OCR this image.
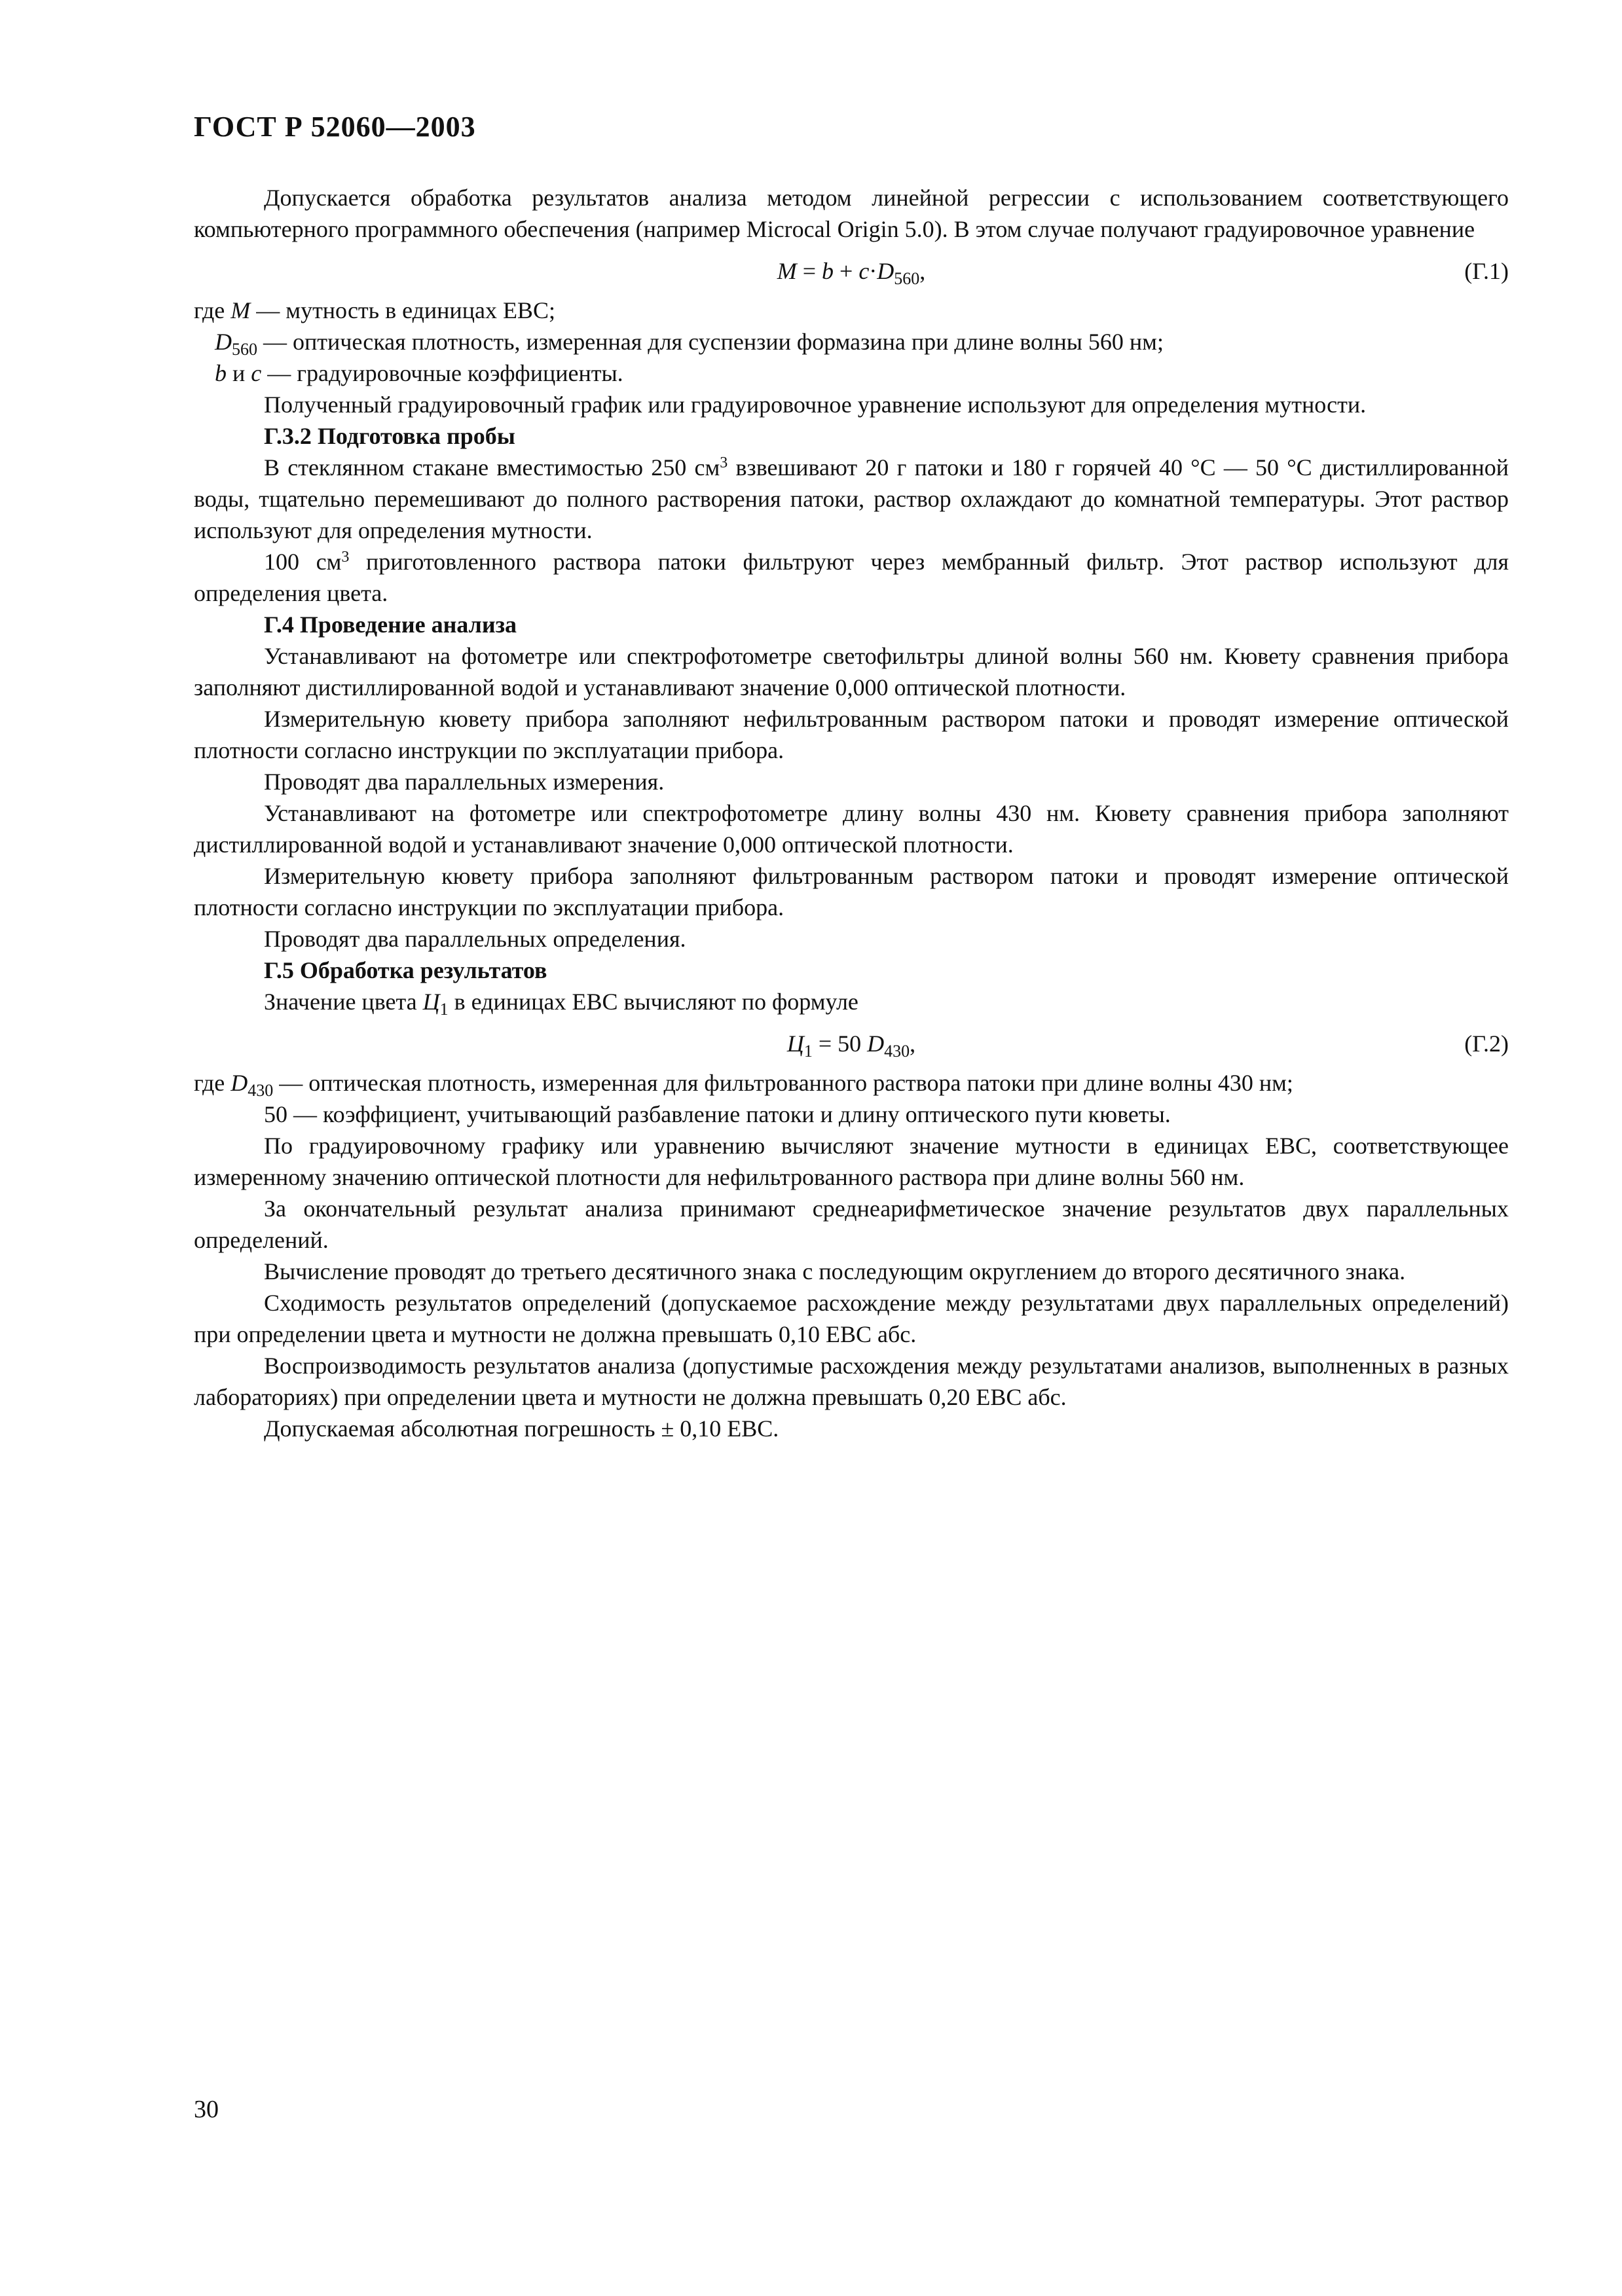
ГОСТ Р 52060—2003

Допускается обработка результатов анализа методом линейной регрессии с использованием соответствующего компьютерного программного обеспечения (например Microcal Origin 5.0). В этом случае получают градуировочное уравнение

$M = b + c\cdot D_{560}$,	(Г.1)

где M — мутность в единицах ЕВС;

$D_{560}$ — оптическая плотность, измеренная для суспензии формазина при длине волны 560 нм;

b и c — градуировочные коэффициенты.

Полученный градуировочный график или градуировочное уравнение используют для определения мутности.

Г.3.2 Подготовка пробы

В стеклянном стакане вместимостью 250 $см^3$ взвешивают 20 г патоки и 180 г горячей 40 °С — 50 °С дистиллированной воды, тщательно перемешивают до полного растворения патоки, раствор охлаждают до комнатной температуры. Этот раствор используют для определения мутности.

100 $см^3$ приготовленного раствора патоки фильтруют через мембранный фильтр. Этот раствор используют для определения цвета.

Г.4 Проведение анализа

Устанавливают на фотометре или спектрофотометре светофильтры длиной волны 560 нм. Кювету сравнения прибора заполняют дистиллированной водой и устанавливают значение 0,000 оптической плотности.

Измерительную кювету прибора заполняют нефильтрованным раствором патоки и проводят измерение оптической плотности согласно инструкции по эксплуатации прибора.

Проводят два параллельных измерения.

Устанавливают на фотометре или спектрофотометре длину волны 430 нм. Кювету сравнения прибора заполняют дистиллированной водой и устанавливают значение 0,000 оптической плотности.

Измерительную кювету прибора заполняют фильтрованным раствором патоки и проводят измерение оптической плотности согласно инструкции по эксплуатации прибора.

Проводят два параллельных определения.

Г.5 Обработка результатов

Значение цвета $Ц_1$ в единицах ЕВС вычисляют по формуле

$Ц_1 = 50$ $D_{430}$,	(Г.2)

где $D_{430}$ — оптическая плотность, измеренная для фильтрованного раствора патоки при длине волны 430 нм;

50 — коэффициент, учитывающий разбавление патоки и длину оптического пути кюветы.

По градуировочному графику или уравнению вычисляют значение мутности в единицах ЕВС, соответствующее измеренному значению оптической плотности для нефильтрованного раствора при длине волны 560 нм.

За окончательный результат анализа принимают среднеарифметическое значение результатов двух параллельных определений.

Вычисление проводят до третьего десятичного знака с последующим округлением до второго десятичного знака.

Сходимость результатов определений (допускаемое расхождение между результатами двух параллельных определений) при определении цвета и мутности не должна превышать 0,10 ЕВС абс.

Воспроизводимость результатов анализа (допустимые расхождения между результатами анализов, выполненных в разных лабораториях) при определении цвета и мутности не должна превышать 0,20 ЕВС абс.

Допускаемая абсолютная погрешность ± 0,10 ЕВС.

30
